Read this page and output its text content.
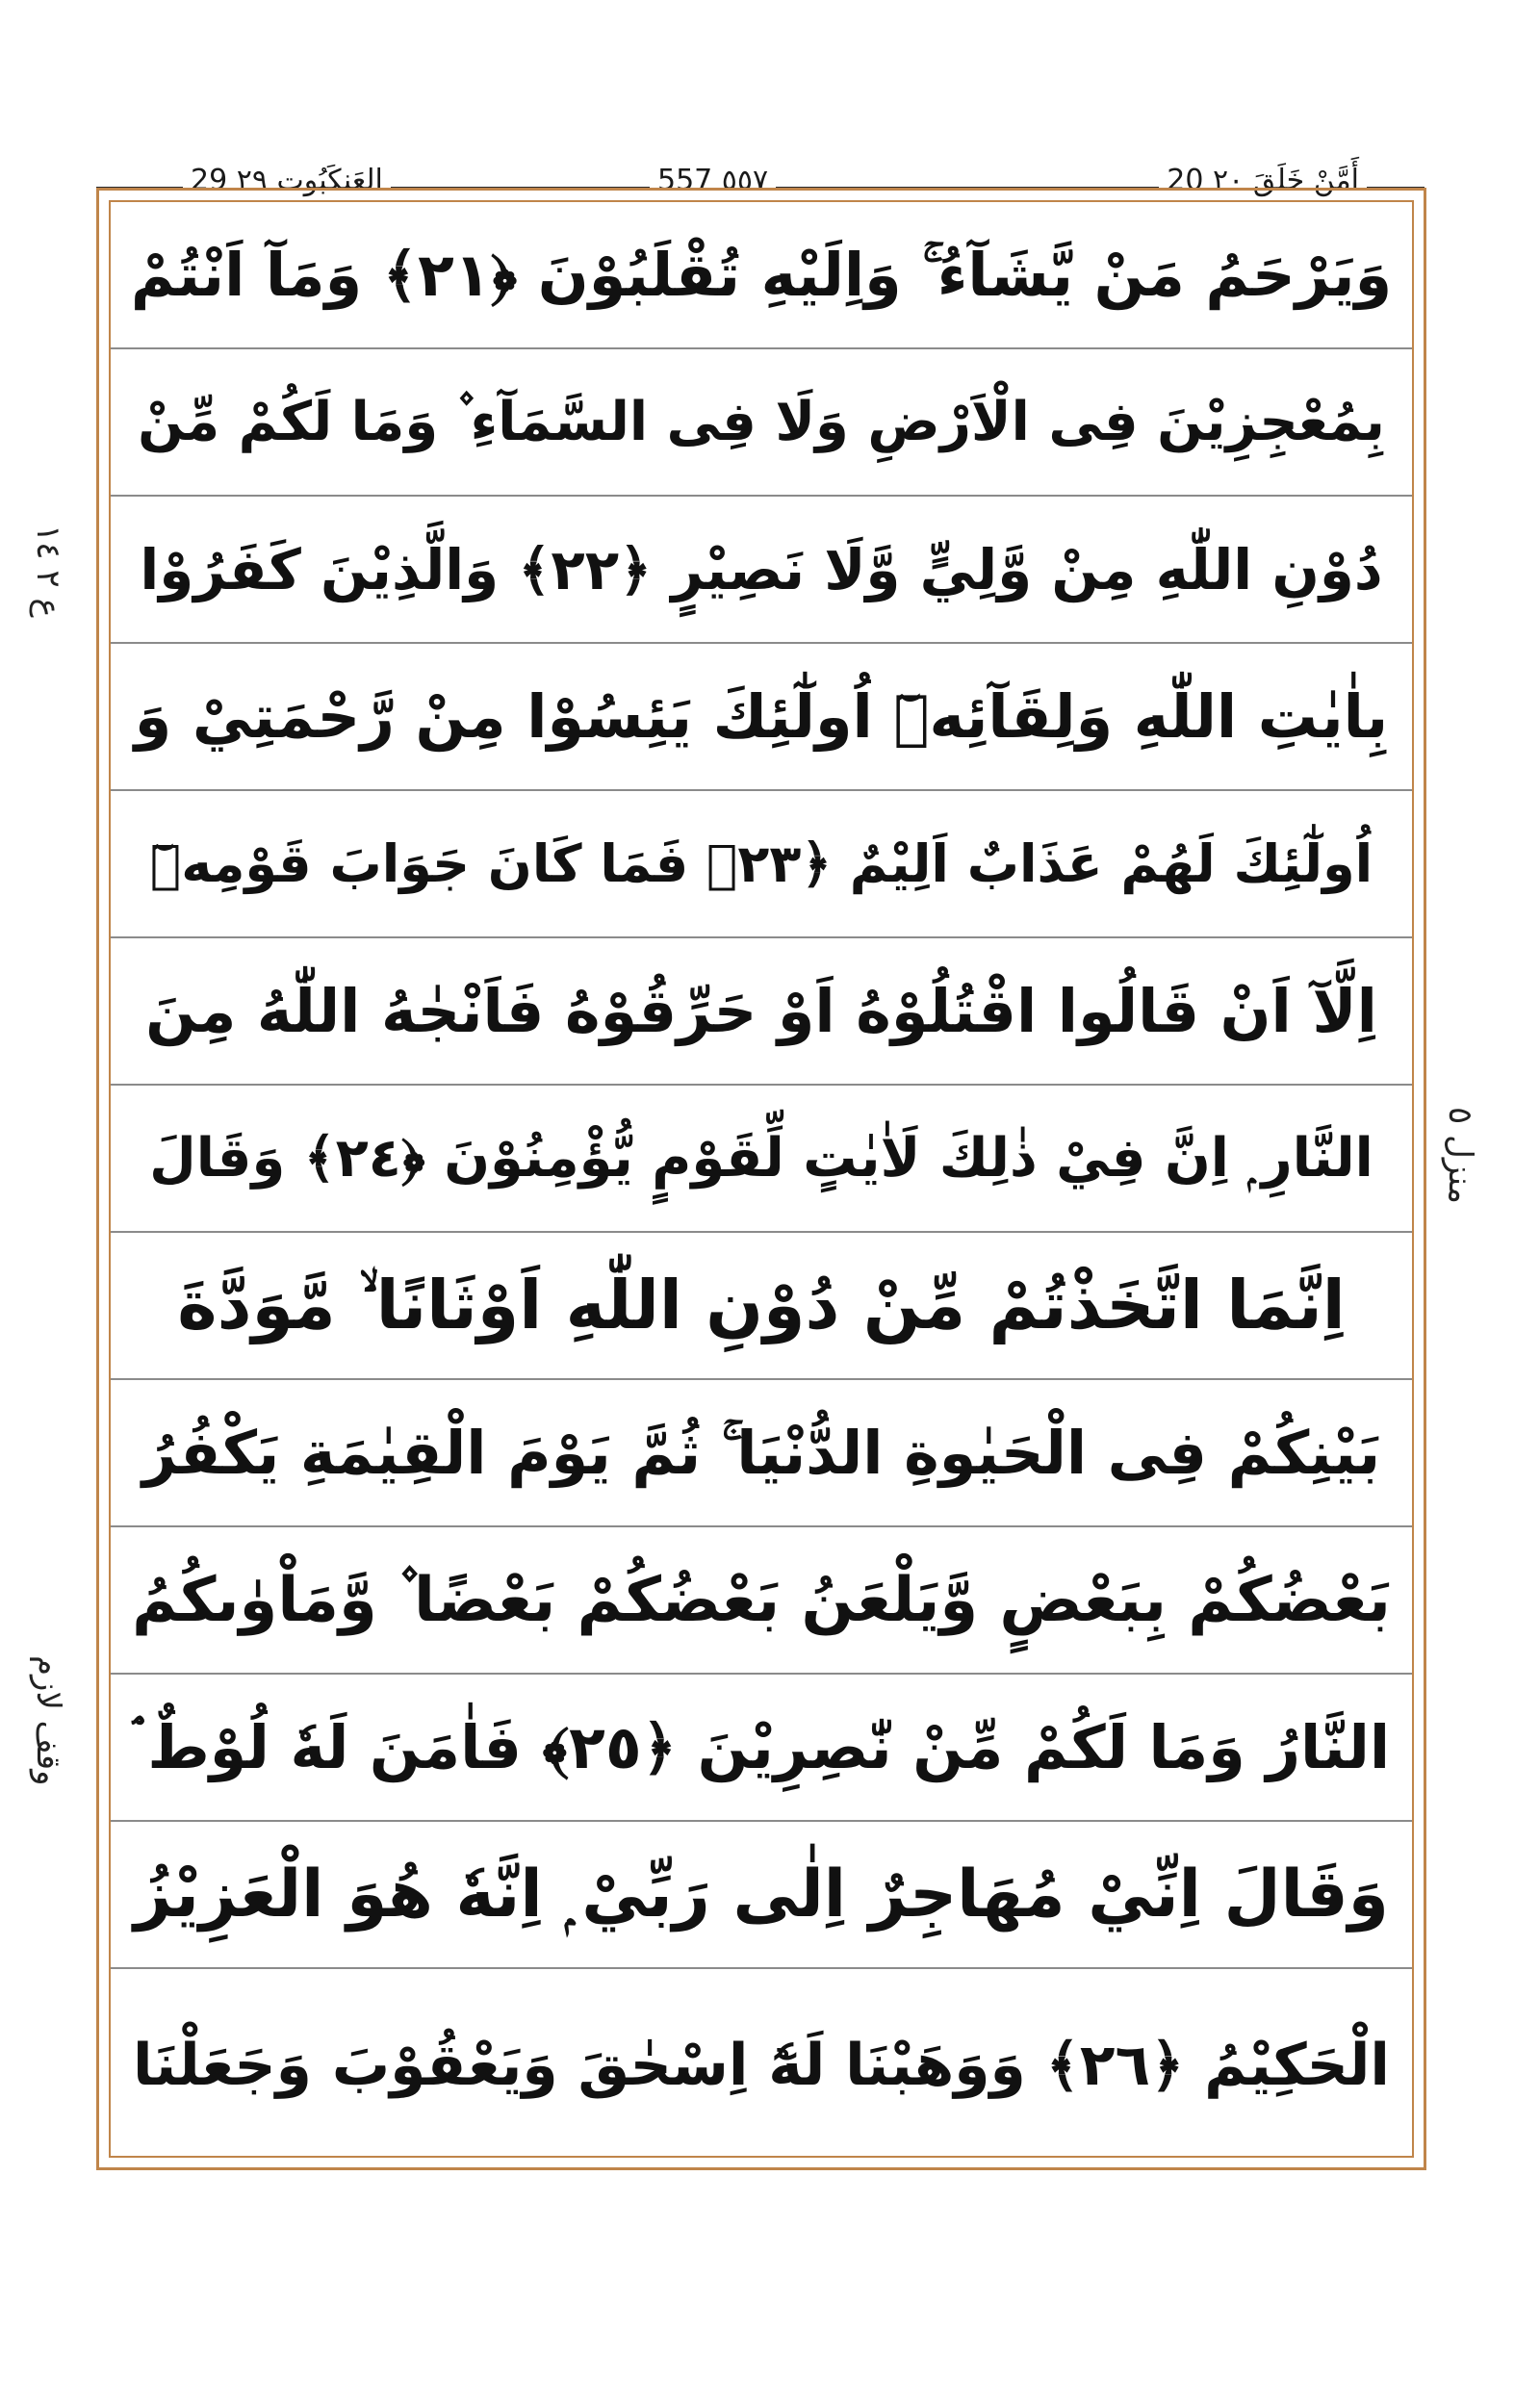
29 العَنكَبُوت ٢٩	557 ٥٥٧	20 أَمَّنْ خَلَقَ ٢٠
وَيَرْحَمُ مَنْ يَّشَآءُ ۚ وَاِلَيْهِ تُقْلَبُوْنَ ﴿٢١﴾ وَمَآ اَنْتُمْ
بِمُعْجِزِيْنَ فِى الْاَرْضِ وَلَا فِى السَّمَآءِ ۫ وَمَا لَكُمْ مِّنْ
دُوْنِ اللّٰهِ مِنْ وَّلِيٍّ وَّلَا نَصِيْرٍ ﴿٢٢﴾ وَالَّذِيْنَ كَفَرُوْا
بِاٰيٰتِ اللّٰهِ وَلِقَآئِهٖٓ اُولٰٓئِكَ يَئِسُوْا مِنْ رَّحْمَتِيْ وَ
اُولٰٓئِكَ لَهُمْ عَذَابٌ اَلِيْمٌ ﴿٢٣﴾ فَمَا كَانَ جَوَابَ قَوْمِهٖٓ
اِلَّآ اَنْ قَالُوا اقْتُلُوْهُ اَوْ حَرِّقُوْهُ فَاَنْجٰهُ اللّٰهُ مِنَ
النَّارِ ۭ اِنَّ فِيْ ذٰلِكَ لَاٰيٰتٍ لِّقَوْمٍ يُّؤْمِنُوْنَ ﴿٢٤﴾ وَقَالَ
اِنَّمَا اتَّخَذْتُمْ مِّنْ دُوْنِ اللّٰهِ اَوْثَانًا ۙ مَّوَدَّةَ
بَيْنِكُمْ فِى الْحَيٰوةِ الدُّنْيَا ۚ ثُمَّ يَوْمَ الْقِيٰمَةِ يَكْفُرُ
بَعْضُكُمْ بِبَعْضٍ وَّيَلْعَنُ بَعْضُكُمْ بَعْضًا ۫ وَّمَاْوٰىكُمُ
النَّارُ وَمَا لَكُمْ مِّنْ نّٰصِرِيْنَ ﴿٢٥﴾ فَاٰمَنَ لَهٗ لُوْطٌ ۘ
وَقَالَ اِنِّيْ مُهَاجِرٌ اِلٰى رَبِّيْ ۭ اِنَّهٗ هُوَ الْعَزِيْزُ
الْحَكِيْمُ ﴿٢٦﴾ وَوَهَبْنَا لَهٗٓ اِسْحٰقَ وَيَعْقُوْبَ وَجَعَلْنَا
ع ٢ ١٤
منزل ٥
وقف لازم
